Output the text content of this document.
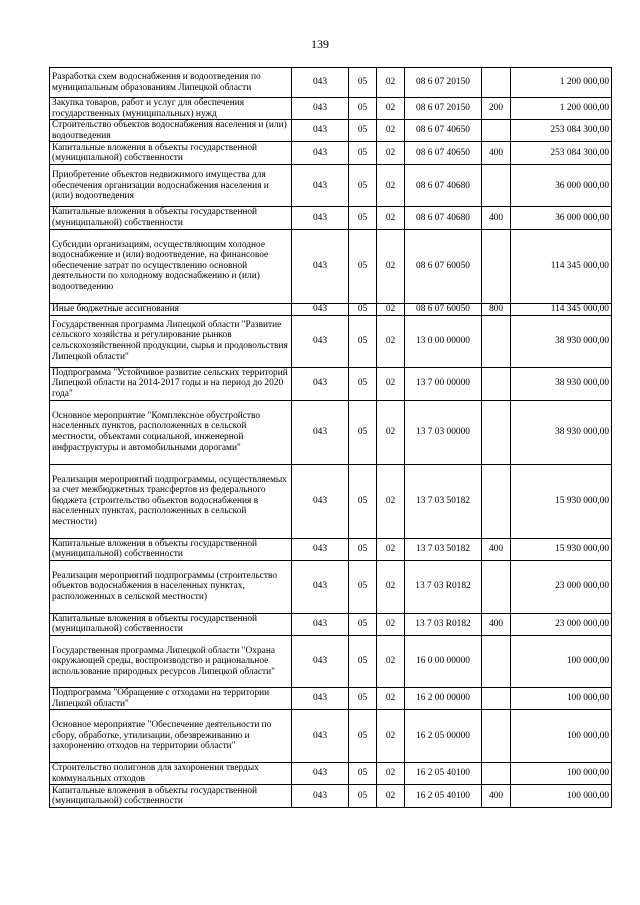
139
Разработка схем водоснабжения и водоотведения по муниципальным образованиям Липецкой области	043	05	02	08 6 07 20150		1 200 000,00
Закупка товаров, работ и услуг для обеспечения государственных (муниципальных) нужд	043	05	02	08 6 07 20150	200	1 200 000,00
Строительство объектов водоснабжения населения и (или) водоотведения	043	05	02	08 6 07 40650		253 084 300,00
Капитальные вложения в объекты государственной (муниципальной) собственности	043	05	02	08 6 07 40650	400	253 084 300,00
Приобретение объектов недвижимого имущества для обеспечения организации водоснабжения населения и (или) водоотведения	043	05	02	08 6 07 40680		36 000 000,00
Капитальные вложения в объекты государственной (муниципальной) собственности	043	05	02	08 6 07 40680	400	36 000 000,00
Субсидии организациям, осуществляющим холодное водоснабжение и (или) водоотведение, на финансовое обеспечение затрат по осуществлению основной деятельности по холодному водоснабжению и (или) водоотведению	043	05	02	08 6 07 60050		114 345 000,00
Иные бюджетные ассигнования	043	05	02	08 6 07 60050	800	114 345 000,00
Государственная программа Липецкой области "Развитие сельского хозяйства и регулирование рынков сельскохозяйственной продукции, сырья и продовольствия Липецкой области"	043	05	02	13 0 00 00000		38 930 000,00
Подпрограмма "Устойчивое развитие сельских территорий Липецкой области на 2014-2017 годы и на период до 2020 года"	043	05	02	13 7 00 00000		38 930 000,00
Основное мероприятие "Комплексное обустройство населенных пунктов, расположенных в сельской местности, объектами социальной, инженерной инфраструктуры и автомобильными дорогами"	043	05	02	13 7 03 00000		38 930 000,00
Реализация мероприятий подпрограммы, осуществляемых за счет межбюджетных трансфертов из федерального бюджета (строительство объектов водоснабжения в населенных пунктах, расположенных в сельской местности)	043	05	02	13 7 03 50182		15 930 000,00
Капитальные вложения в объекты государственной (муниципальной) собственности	043	05	02	13 7 03 50182	400	15 930 000,00
Реализация мероприятий подпрограммы (строительство объектов водоснабжения в населенных пунктах, расположенных в сельской местности)	043	05	02	13 7 03 R0182		23 000 000,00
Капитальные вложения в объекты государственной (муниципальной) собственности	043	05	02	13 7 03 R0182	400	23 000 000,00
Государственная программа Липецкой области "Охрана окружающей среды, воспроизводство и рациональное использование природных ресурсов Липецкой области"	043	05	02	16 0 00 00000		100 000,00
Подпрограмма "Обращение с отходами на территории Липецкой области"	043	05	02	16 2 00 00000		100 000,00
Основное мероприятие "Обеспечение деятельности по сбору, обработке, утилизации, обезвреживанию и захоронению отходов на территории области"	043	05	02	16 2 05 00000		100 000,00
Строительство полигонов для захоронения твердых коммунальных отходов	043	05	02	16 2 05 40100		100 000,00
Капитальные вложения в объекты государственной (муниципальной) собственности	043	05	02	16 2 05 40100	400	100 000,00
